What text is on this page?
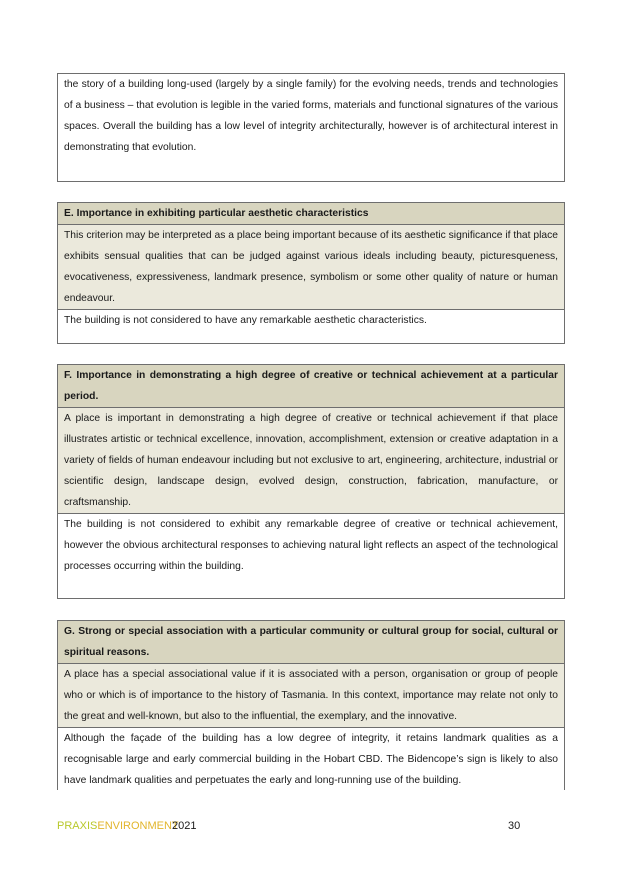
the story of a building long-used (largely by a single family) for the evolving needs, trends and technologies of a business – that evolution is legible in the varied forms, materials and functional signatures of the various spaces. Overall the building has a low level of integrity architecturally, however is of architectural interest in demonstrating that evolution.
E. Importance in exhibiting particular aesthetic characteristics
This criterion may be interpreted as a place being important because of its aesthetic significance if that place exhibits sensual qualities that can be judged against various ideals including beauty, picturesqueness, evocativeness, expressiveness, landmark presence, symbolism or some other quality of nature or human endeavour.
The building is not considered to have any remarkable aesthetic characteristics.
F. Importance in demonstrating a high degree of creative or technical achievement at a particular period.
A place is important in demonstrating a high degree of creative or technical achievement if that place illustrates artistic or technical excellence, innovation, accomplishment, extension or creative adaptation in a variety of fields of human endeavour including but not exclusive to art, engineering, architecture, industrial or scientific design, landscape design, evolved design, construction, fabrication, manufacture, or craftsmanship.
The building is not considered to exhibit any remarkable degree of creative or technical achievement, however the obvious architectural responses to achieving natural light reflects an aspect of the technological processes occurring within the building.
G. Strong or special association with a particular community or cultural group for social, cultural or spiritual reasons.
A place has a special associational value if it is associated with a person, organisation or group of people who or which is of importance to the history of Tasmania. In this context, importance may relate not only to the great and well-known, but also to the influential, the exemplary, and the innovative.
Although the façade of the building has a low degree of integrity, it retains landmark qualities as a recognisable large and early commercial building in the Hobart CBD. The Bidencope’s sign is likely to also have landmark qualities and perpetuates the early and long-running use of the building.
PRAXISENVIRONMENT
2021	30
